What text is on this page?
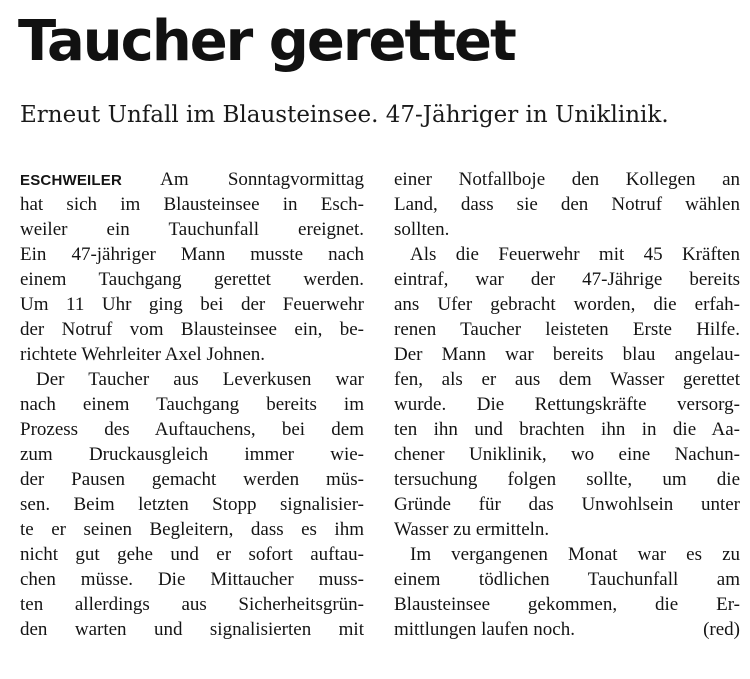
Taucher gerettet

Erneut Unfall im Blausteinsee. 47-Jähriger in Uniklinik.

ESCHWEILER Am Sonntagvormittag
hat sich im Blausteinsee in Esch-
weiler ein Tauchunfall ereignet.
Ein 47-jähriger Mann musste nach
einem Tauchgang gerettet werden.
Um 11 Uhr ging bei der Feuerwehr
der Notruf vom Blausteinsee ein, be-
richtete Wehrleiter Axel Johnen.
Der Taucher aus Leverkusen war
nach einem Tauchgang bereits im
Prozess des Auftauchens, bei dem
zum Druckausgleich immer wie-
der Pausen gemacht werden müs-
sen. Beim letzten Stopp signalisier-
te er seinen Begleitern, dass es ihm
nicht gut gehe und er sofort auftau-
chen müsse. Die Mittaucher muss-
ten allerdings aus Sicherheitsgrün-
den warten und signalisierten mit
einer Notfallboje den Kollegen an
Land, dass sie den Notruf wählen
sollten.
Als die Feuerwehr mit 45 Kräften
eintraf, war der 47-Jährige bereits
ans Ufer gebracht worden, die erfah-
renen Taucher leisteten Erste Hilfe.
Der Mann war bereits blau angelau-
fen, als er aus dem Wasser gerettet
wurde. Die Rettungskräfte versorg-
ten ihn und brachten ihn in die Aa-
chener Uniklinik, wo eine Nachun-
tersuchung folgen sollte, um die
Gründe für das Unwohlsein unter
Wasser zu ermitteln.
Im vergangenen Monat war es zu
einem tödlichen Tauchunfall am
Blausteinsee gekommen, die Er-
mittlungen laufen noch.	(red)
